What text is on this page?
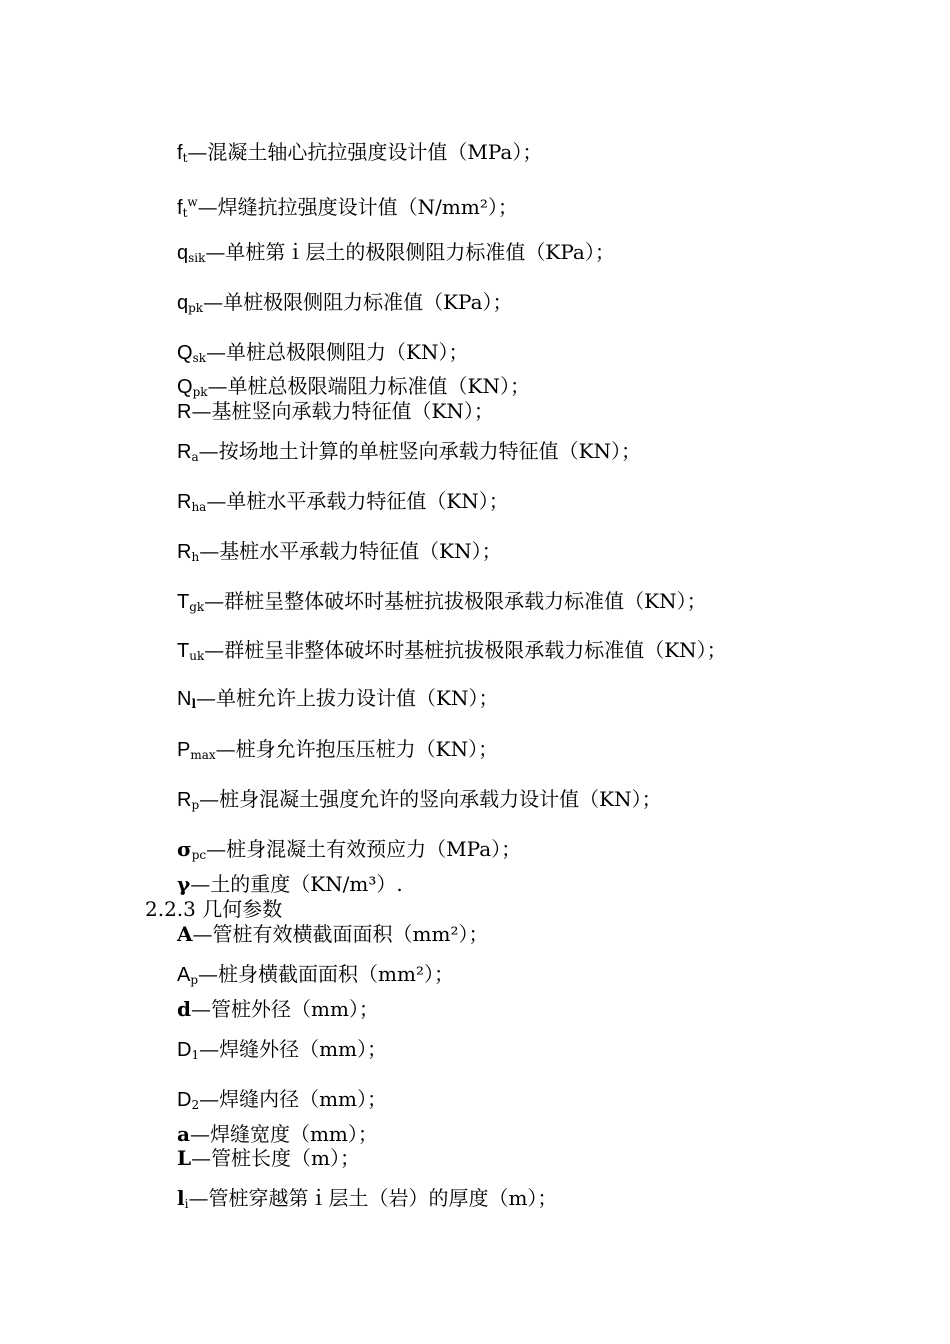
$f_t—$混凝土轴心抗拉强度设计值（MPa）；
$f_t^w—$焊缝抗拉强度设计值（N/mm²）；
$q_{sik}—$单桩第ｉ层土的极限侧阻力标准值（KPa）；
$q_{pk}—$单桩极限侧阻力标准值（KPa）；
$Q_{sk}—$单桩总极限侧阻力（KN）；
$Q_{pk}—$单桩总极限端阻力标准值（KN）；
R—基桩竖向承载力特征值（KN）；
$R_a—$按场地土计算的单桩竖向承载力特征值（KN）；
$R_{ha}—$单桩水平承载力特征值（KN）；
$R_h—$基桩水平承载力特征值（KN）；
$T_{gk}—$群桩呈整体破坏时基桩抗拔极限承载力标准值（KN）；
$T_{uk}—$群桩呈非整体破坏时基桩抗拔极限承载力标准值（KN）；
$N_l—$单桩允许上拔力设计值（KN）；
$P_{max}—$桩身允许抱压压桩力（KN）；
$R_p—$桩身混凝土强度允许的竖向承载力设计值（KN）；
$\sigma_{pc}—$桩身混凝土有效预应力（MPa）；
γ—土的重度（KN/m³）.
2.2.3 几何参数
A—管桩有效横截面面积（mm²）；
$A_p—$桩身横截面面积（mm²）；
d—管桩外径（mm）；
$D_1—$焊缝外径（mm）；
$D_2—$焊缝内径（mm）；
a—焊缝宽度（mm）；
L—管桩长度（m）；
$l_i—$管桩穿越第ｉ层土（岩）的厚度（m）；
